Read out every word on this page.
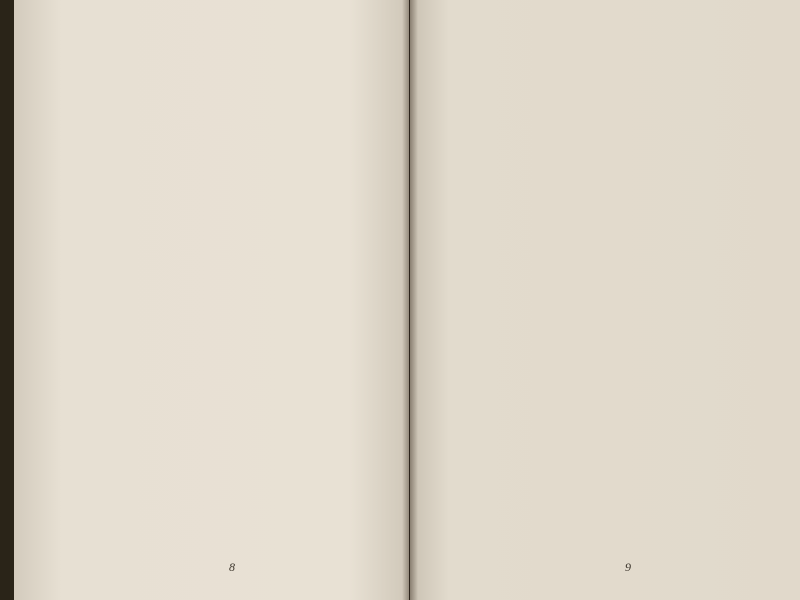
8	9
